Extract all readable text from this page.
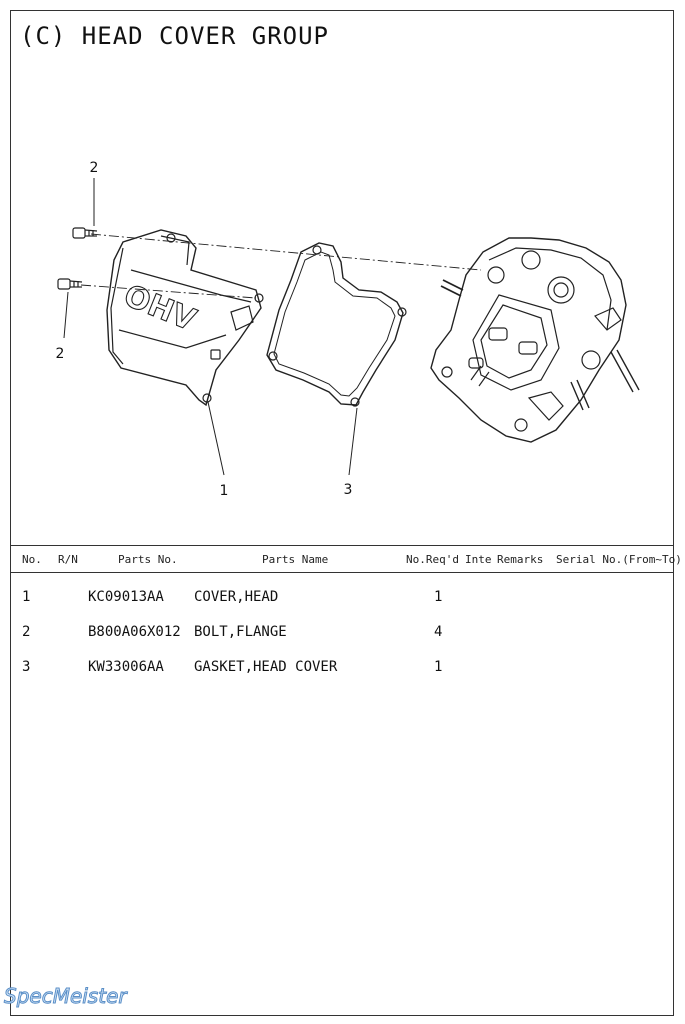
(C) HEAD COVER GROUP
OHV
2
2
1	3
No. R/N	Parts No.	Parts Name	No.Req'd Inte Remarks Serial No.(From~To)
1	KC09013AA COVER,HEAD	1
2	B800A06X012 BOLT,FLANGE	4
3	KW33006AA GASKET,HEAD COVER	1
SpecMeister
